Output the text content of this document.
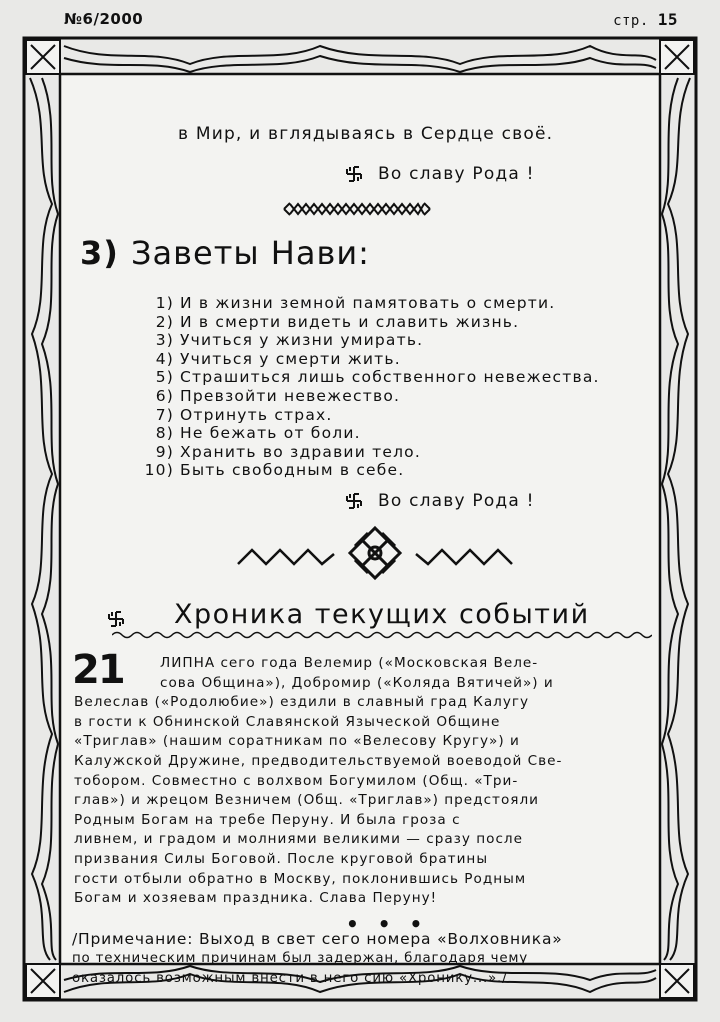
№6/2000	стр. 15
в Мир, и вглядываясь в Сердце своё.
Во славу Рода !
3) Заветы Нави:
1) И в жизни земной памятовать о смерти.
2) И в смерти видеть и славить жизнь.
3) Учиться у жизни умирать.
4) Учиться у смерти жить.
5) Страшиться лишь собственного невежества.
6) Превзойти невежество.
7) Отринуть страх.
8) Не бежать от боли.
9) Хранить во здравии тело.
10) Быть свободным в себе.
Во славу Рода !
Хроника текущих событий
21	ЛИПНА сего года Велемир («Московская Веле-
сова Община»), Добромир («Коляда Вятичей») и
Велеслав («Родолюбие») ездили в славный град Калугу
в гости к Обнинской Славянской Языческой Общине
«Триглав» (нашим соратникам по «Велесову Кругу») и
Калужской Дружине, предводительствуемой воеводой Све-
тобором. Совместно с волхвом Богумилом (Общ. «Три-
глав») и жрецом Везничем (Общ. «Триглав») предстояли
Родным Богам на требе Перуну. И была гроза с
ливнем, и градом и молниями великими — сразу после
призвания Силы Боговой. После круговой братины
гости отбыли обратно в Москву, поклонившись Родным
Богам и хозяевам праздника. Слава Перуну!
• • •
/Примечание: Выход в свет сего номера «Волховника»
по техническим причинам был задержан, благодаря чему
оказалось возможным внести в него сию «Хронику...»./
